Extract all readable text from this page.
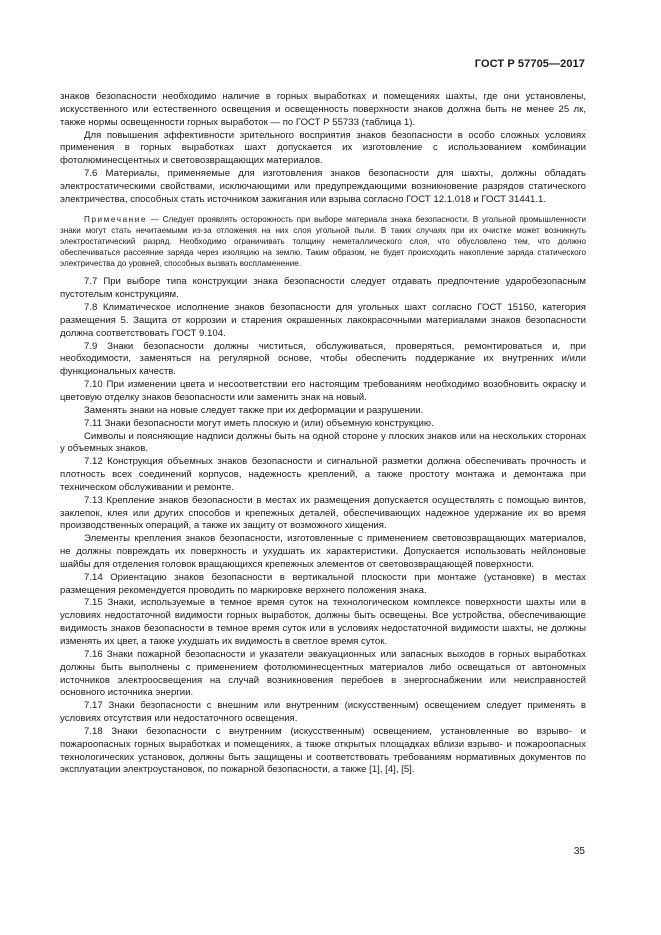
ГОСТ Р 57705—2017

знаков безопасности необходимо наличие в горных выработках и помещениях шахты, где они установлены, искусственного или естественного освещения и освещенность поверхности знаков должна быть не менее 25 лк, также нормы освещенности горных выработок — по ГОСТ Р 55733 (таблица 1).

Для повышения эффективности зрительного восприятия знаков безопасности в особо сложных условиях применения в горных выработках шахт допускается их изготовление с использованием комбинации фотолюминесцентных и световозвращающих материалов.

7.6 Материалы, применяемые для изготовления знаков безопасности для шахты, должны обладать электростатическими свойствами, исключающими или предупреждающими возникновение разрядов статического электричества, способных стать источником зажигания или взрыва согласно ГОСТ 12.1.018 и ГОСТ 31441.1.

Примечание — Следует проявлять осторожность при выборе материала знака безопасности. В угольной промышленности знаки могут стать нечитаемыми из-за отложения на них слоя угольной пыли. В таких случаях при их очистке может возникнуть электростатический разряд. Необходимо ограничивать толщину неметаллического слоя, что обусловлено тем, что должно обеспечиваться рассеяние заряда через изоляцию на землю. Таким образом, не будет происходить накопление заряда статического электричества до уровней, способных вызвать воспламенение.

7.7 При выборе типа конструкции знака безопасности следует отдавать предпочтение ударобезопасным пустотелым конструкциям.

7.8 Климатическое исполнение знаков безопасности для угольных шахт согласно ГОСТ 15150, категория размещения 5. Защита от коррозии и старения окрашенных лакокрасочными материалами знаков безопасности должна соответствовать ГОСТ 9.104.

7.9 Знаки безопасности должны чиститься, обслуживаться, проверяться, ремонтироваться и, при необходимости, заменяться на регулярной основе, чтобы обеспечить поддержание их внутренних и/или функциональных качеств.

7.10 При изменении цвета и несоответствии его настоящим требованиям необходимо возобновить окраску и цветовую отделку знаков безопасности или заменить знак на новый.

Заменять знаки на новые следует также при их деформации и разрушении.

7.11 Знаки безопасности могут иметь плоскую и (или) объемную конструкцию.

Символы и поясняющие надписи должны быть на одной стороне у плоских знаков или на нескольких сторонах у объемных знаков.

7.12 Конструкция объемных знаков безопасности и сигнальной разметки должна обеспечивать прочность и плотность всех соединений корпусов, надежность креплений, а также простоту монтажа и демонтажа при техническом обслуживании и ремонте.

7.13 Крепление знаков безопасности в местах их размещения допускается осуществлять с помощью винтов, заклепок, клея или других способов и крепежных деталей, обеспечивающих надежное удержание их во время производственных операций, а также их защиту от возможного хищения.

Элементы крепления знаков безопасности, изготовленные с применением световозвращающих материалов, не должны повреждать их поверхность и ухудшать их характеристики. Допускается использовать нейлоновые шайбы для отделения головок вращающихся крепежных элементов от световозвращающей поверхности.

7.14 Ориентацию знаков безопасности в вертикальной плоскости при монтаже (установке) в местах размещения рекомендуется проводить по маркировке верхнего положения знака.

7.15 Знаки, используемые в темное время суток на технологическом комплексе поверхности шахты или в условиях недостаточной видимости горных выработок, должны быть освещены. Все устройства, обеспечивающие видимость знаков безопасности в темное время суток или в условиях недостаточной видимости шахты, не должны изменять их цвет, а также ухудшать их видимость в светлое время суток.

7.16 Знаки пожарной безопасности и указатели эвакуационных или запасных выходов в горных выработках должны быть выполнены с применением фотолюминесцентных материалов либо освещаться от автономных источников электроосвещения на случай возникновения перебоев в энергоснабжении или неисправностей основного источника энергии.

7.17 Знаки безопасности с внешним или внутренним (искусственным) освещением следует применять в условиях отсутствия или недостаточного освещения.

7.18 Знаки безопасности с внутренним (искусственным) освещением, установленные во взрыво- и пожароопасных горных выработках и помещениях, а также открытых площадках вблизи взрыво- и пожароопасных технологических установок, должны быть защищены и соответствовать требованиям нормативных документов по эксплуатации электроустановок, по пожарной безопасности, а также [1], [4], [5].

35
